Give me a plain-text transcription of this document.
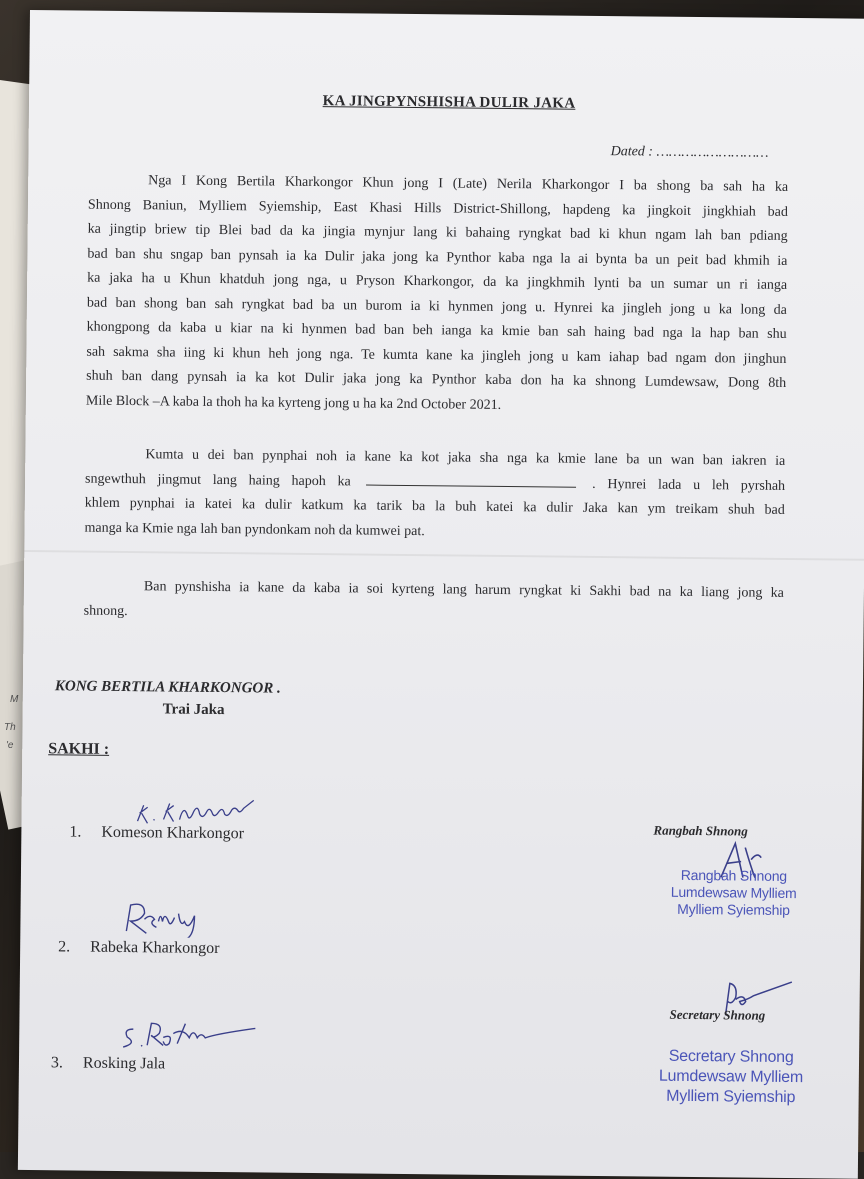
M
Th
'e
KA JINGPYNSHISHA DULIR JAKA
Dated : ………………………
Nga I Kong Bertila Kharkongor Khun jong I (Late) Nerila Kharkongor I ba shong ba sah ha ka
Shnong Baniun, Mylliem Syiemship, East Khasi Hills District-Shillong, hapdeng ka jingkoit jingkhiah bad
ka jingtip briew tip Blei bad da ka jingia mynjur lang ki bahaing ryngkat bad ki khun ngam lah ban pdiang
bad ban shu sngap ban pynsah ia ka Dulir jaka jong ka Pynthor kaba nga la ai bynta ba un peit bad khmih ia
ka jaka ha u Khun khatduh jong nga, u Pryson Kharkongor, da ka jingkhmih lynti ba un sumar un ri ianga
bad ban shong ban sah ryngkat bad ba un burom ia ki hynmen jong u. Hynrei ka jingleh jong u ka long da
khongpong da kaba u kiar na ki hynmen bad ban beh ianga ka kmie ban sah haing bad nga la hap ban shu
sah sakma sha iing ki khun heh jong nga. Te kumta kane ka jingleh jong u kam iahap bad ngam don jinghun
shuh ban dang pynsah ia ka kot Dulir jaka jong ka Pynthor kaba don ha ka shnong Lumdewsaw, Dong 8th
Mile Block –A kaba la thoh ha ka kyrteng jong u ha ka 2nd October 2021.
Kumta u dei ban pynphai noh ia kane ka kot jaka sha nga ka kmie lane ba un wan ban iakren ia
sngewthuh jingmut lang haing hapoh ka	. Hynrei lada u leh pyrshah
khlem pynphai ia katei ka dulir katkum ka tarik ba la buh katei ka dulir Jaka kan ym treikam shuh bad
manga ka Kmie nga lah ban pyndonkam noh da kumwei pat.
Ban pynshisha ia kane da kaba ia soi kyrteng lang harum ryngkat ki Sakhi bad na ka liang jong ka
shnong.
KONG BERTILA KHARKONGOR .
Trai Jaka
SAKHI :
1. Komeson Kharkongor
2. Rabeka Kharkongor
3. Rosking Jala
Rangbah Shnong
Rangbah Shnong
Lumdewsaw Mylliem
Mylliem Syiemship
Secretary Shnong
Secretary Shnong
Lumdewsaw Mylliem
Mylliem Syiemship
